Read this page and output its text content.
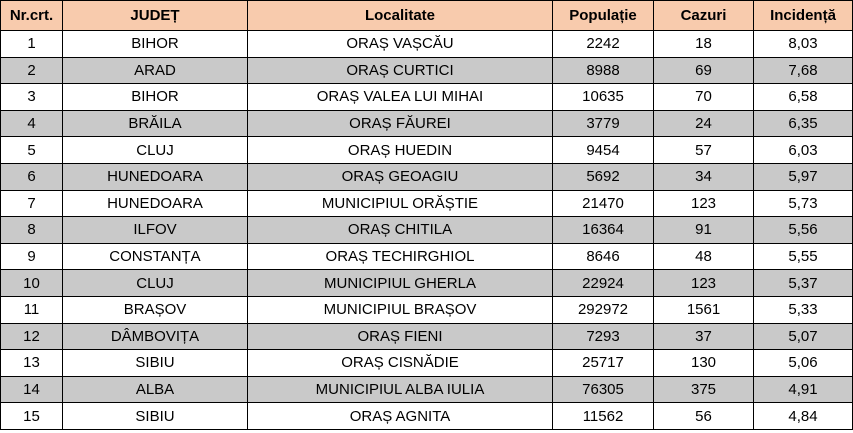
Nr.crt.	JUDEȚ	Localitate	Populație	Cazuri	Incidență
1	BIHOR	ORAȘ VAȘCĂU	2242	18	8,03
2	ARAD	ORAȘ CURTICI	8988	69	7,68
3	BIHOR	ORAȘ VALEA LUI MIHAI	10635	70	6,58
4	BRĂILA	ORAȘ FĂUREI	3779	24	6,35
5	CLUJ	ORAȘ HUEDIN	9454	57	6,03
6	HUNEDOARA	ORAȘ GEOAGIU	5692	34	5,97
7	HUNEDOARA	MUNICIPIUL ORĂȘTIE	21470	123	5,73
8	ILFOV	ORAȘ CHITILA	16364	91	5,56
9	CONSTANȚA	ORAȘ TECHIRGHIOL	8646	48	5,55
10	CLUJ	MUNICIPIUL GHERLA	22924	123	5,37
11	BRAȘOV	MUNICIPIUL BRAȘOV	292972	1561	5,33
12	DÂMBOVIȚA	ORAȘ FIENI	7293	37	5,07
13	SIBIU	ORAȘ CISNĂDIE	25717	130	5,06
14	ALBA	MUNICIPIUL ALBA IULIA	76305	375	4,91
15	SIBIU	ORAȘ AGNITA	11562	56	4,84
